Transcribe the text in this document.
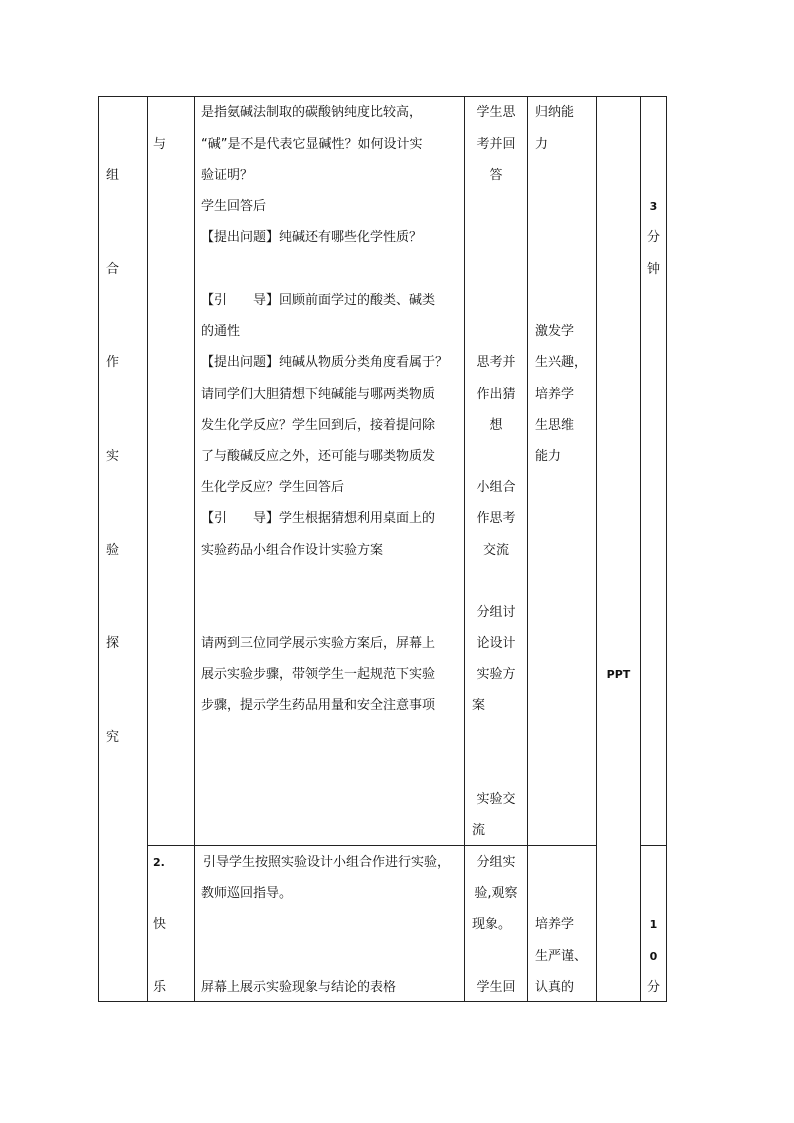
组
合
作
实
验
探
究
与
是指氨碱法制取的碳酸钠纯度比较高，
“碱”是不是代表它显碱性？如何设计实
验证明？
学生回答后
【提出问题】纯碱还有哪些化学性质？
【引　　导】回顾前面学过的酸类、碱类
的通性
【提出问题】纯碱从物质分类角度看属于？
请同学们大胆猜想下纯碱能与哪两类物质
发生化学反应？学生回到后，接着提问除
了与酸碱反应之外，还可能与哪类物质发
生化学反应？学生回答后
【引　　导】学生根据猜想利用桌面上的
实验药品小组合作设计实验方案
请两到三位同学展示实验方案后，屏幕上
展示实验步骤，带领学生一起规范下实验
步骤，提示学生药品用量和安全注意事项
学生思
考并回
答
思考并
作出猜
想
小组合
作思考
交流
分组讨
论设计
实验方
案
实验交
流
归纳能
力
激发学
生兴趣，
培养学
生思维
能力
PPT
3
分
钟
2.
快
乐
引导学生按照实验设计小组合作进行实验，
教师巡回指导。
屏幕上展示实验现象与结论的表格
分组实
验,观察
现象。
学生回
培养学
生严谨、
认真的
1
0
分
